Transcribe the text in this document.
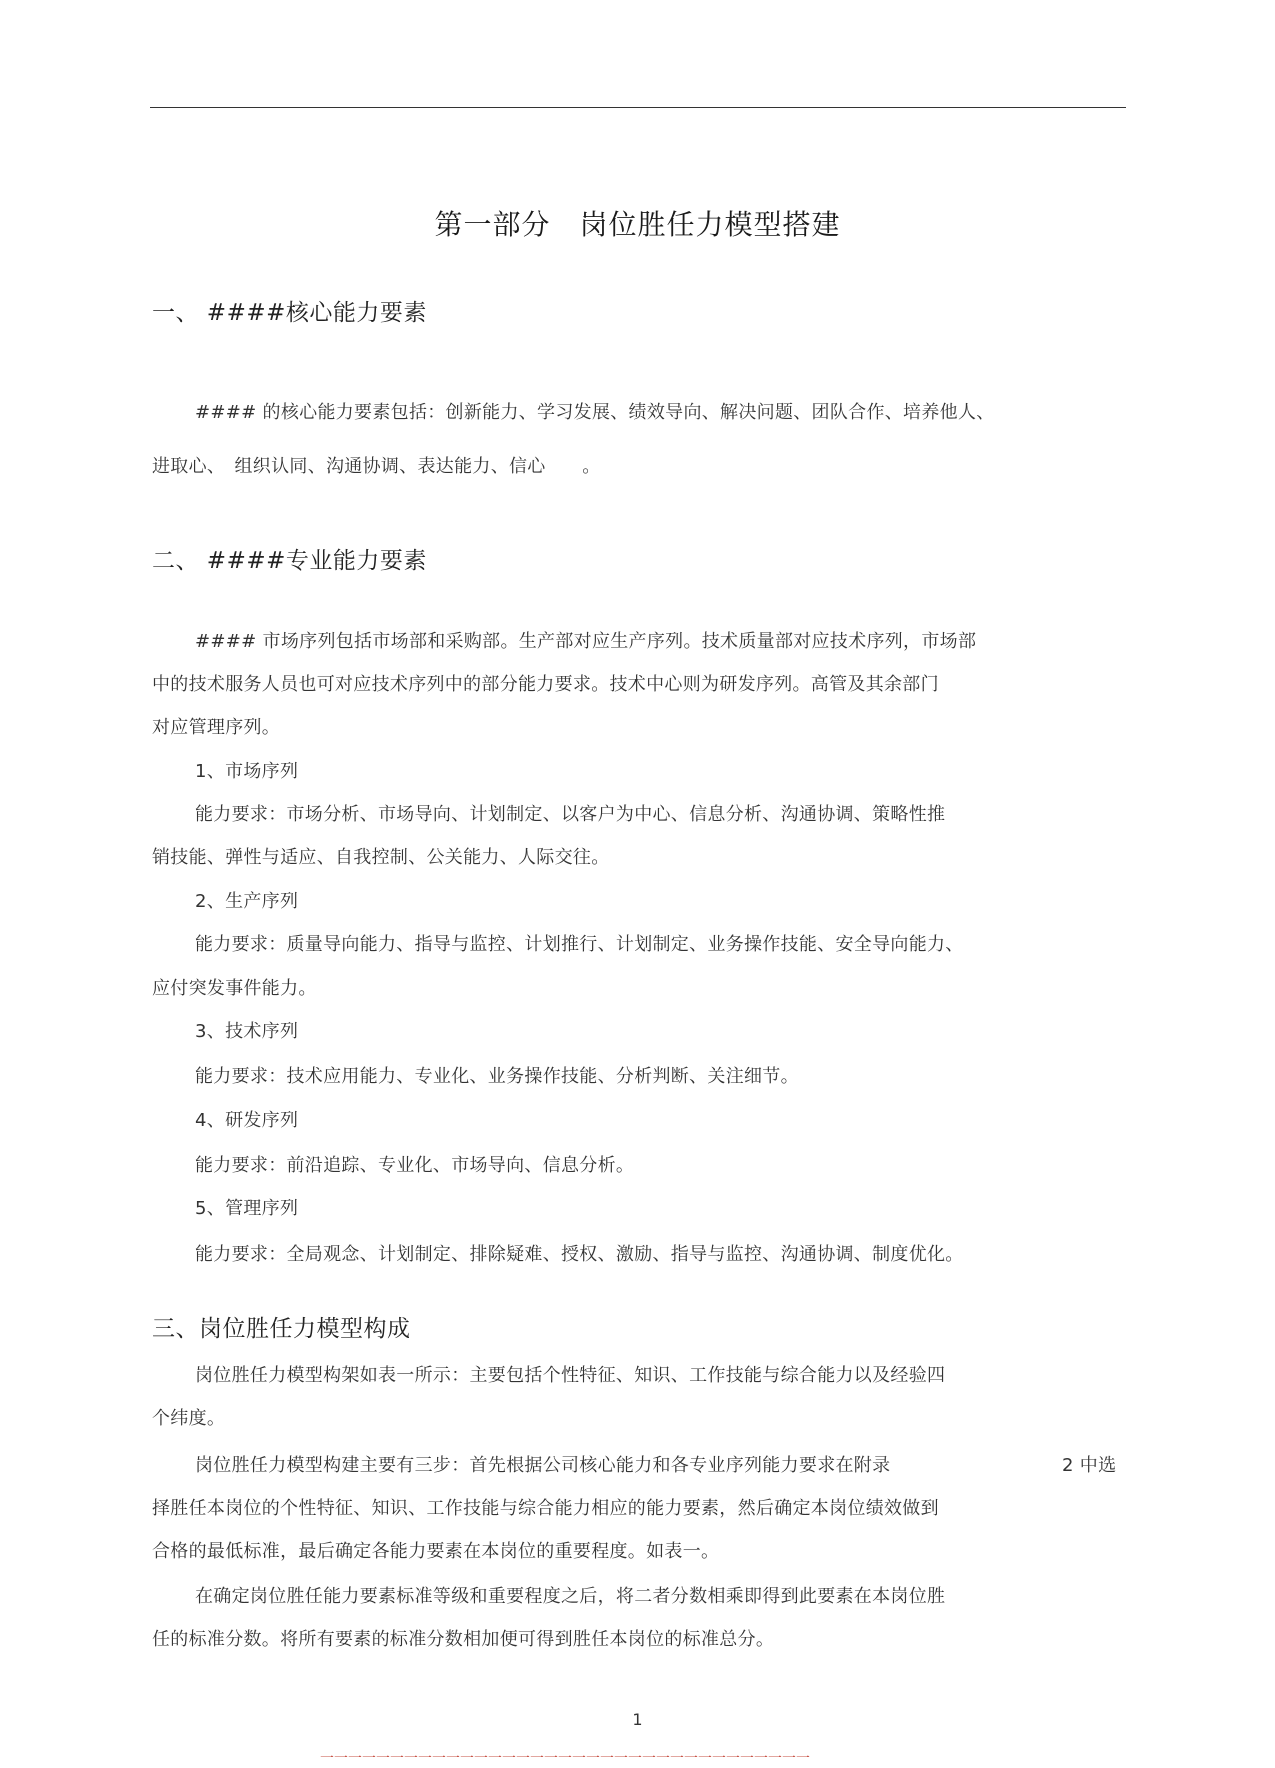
第一部分　岗位胜任力模型搭建
一、 ####核心能力要素
#### 的核心能力要素包括：创新能力、学习发展、绩效导向、解决问题、团队合作、培养他人、
进取心、　组织认同、沟通协调、表达能力、信心　　。
二、 ####专业能力要素
#### 市场序列包括市场部和采购部。生产部对应生产序列。技术质量部对应技术序列，市场部
中的技术服务人员也可对应技术序列中的部分能力要求。技术中心则为研发序列。高管及其余部门
对应管理序列。
1、市场序列
能力要求：市场分析、市场导向、计划制定、以客户为中心、信息分析、沟通协调、策略性推
销技能、弹性与适应、自我控制、公关能力、人际交往。
2、生产序列
能力要求：质量导向能力、指导与监控、计划推行、计划制定、业务操作技能、安全导向能力、
应付突发事件能力。
3、技术序列
能力要求：技术应用能力、专业化、业务操作技能、分析判断、关注细节。
4、研发序列
能力要求：前沿追踪、专业化、市场导向、信息分析。
5、管理序列
能力要求：全局观念、计划制定、排除疑难、授权、激励、指导与监控、沟通协调、制度优化。
三、岗位胜任力模型构成
岗位胜任力模型构架如表一所示：主要包括个性特征、知识、工作技能与综合能力以及经验四
个纬度。
岗位胜任力模型构建主要有三步：首先根据公司核心能力和各专业序列能力要求在附录	2 中选
择胜任本岗位的个性特征、知识、工作技能与综合能力相应的能力要素，然后确定本岗位绩效做到
合格的最低标准，最后确定各能力要素在本岗位的重要程度。如表一。
在确定岗位胜任能力要素标准等级和重要程度之后，将二者分数相乘即得到此要素在本岗位胜
任的标准分数。将所有要素的标准分数相加便可得到胜任本岗位的标准总分。
1
一一一一一一一一一一一一一一一一一一一一一一一一一一一一一一一一一一一
